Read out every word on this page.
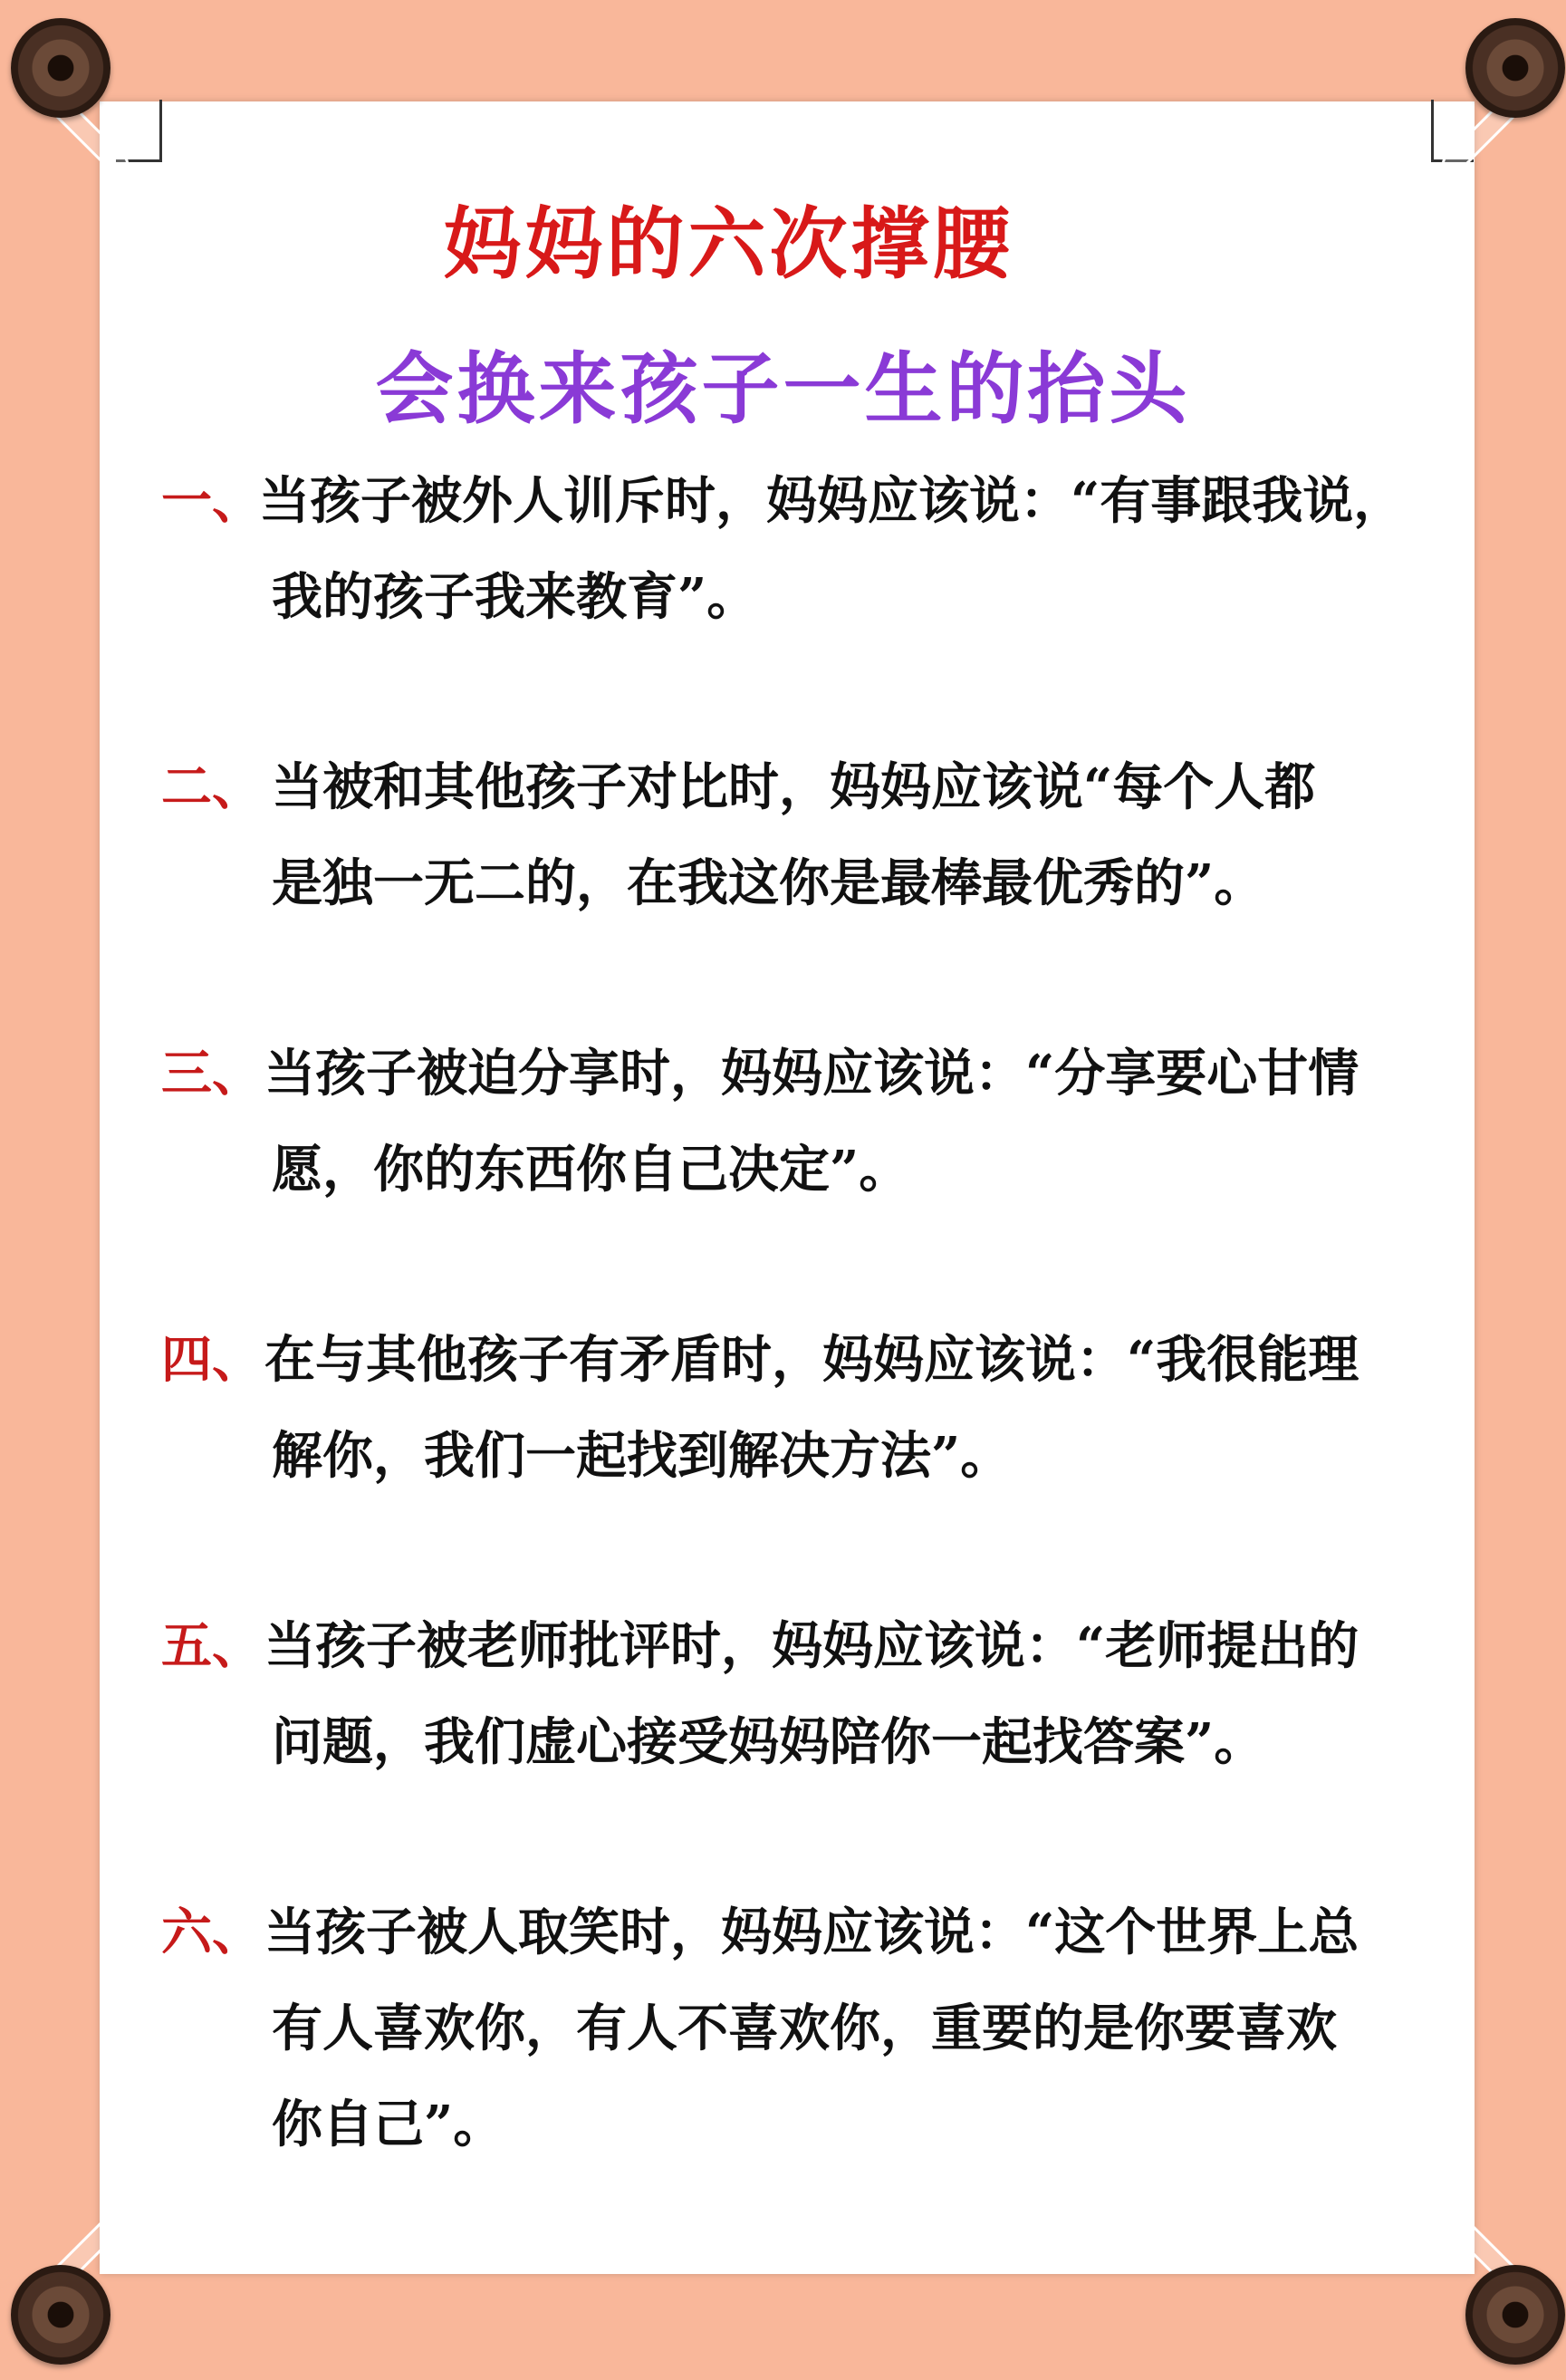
妈妈的六次撑腰
会换来孩子一生的抬头
一、
当孩子被外人训斥时，妈妈应该说：“有事跟我说，
我的孩子我来教育”。
二、 当被和其他孩子对比时，妈妈应该说“每个人都
是独一无二的，在我这你是最棒最优秀的”。
三、 当孩子被迫分享时，妈妈应该说：“分享要心甘情
愿，你的东西你自己决定”。
四、 在与其他孩子有矛盾时，妈妈应该说：“我很能理
解你，我们一起找到解决方法”。
五、 当孩子被老师批评时，妈妈应该说：“老师提出的
问题，我们虚心接受妈妈陪你一起找答案”。
六、 当孩子被人取笑时，妈妈应该说：“这个世界上总
有人喜欢你，有人不喜欢你，重要的是你要喜欢
你自己”。
